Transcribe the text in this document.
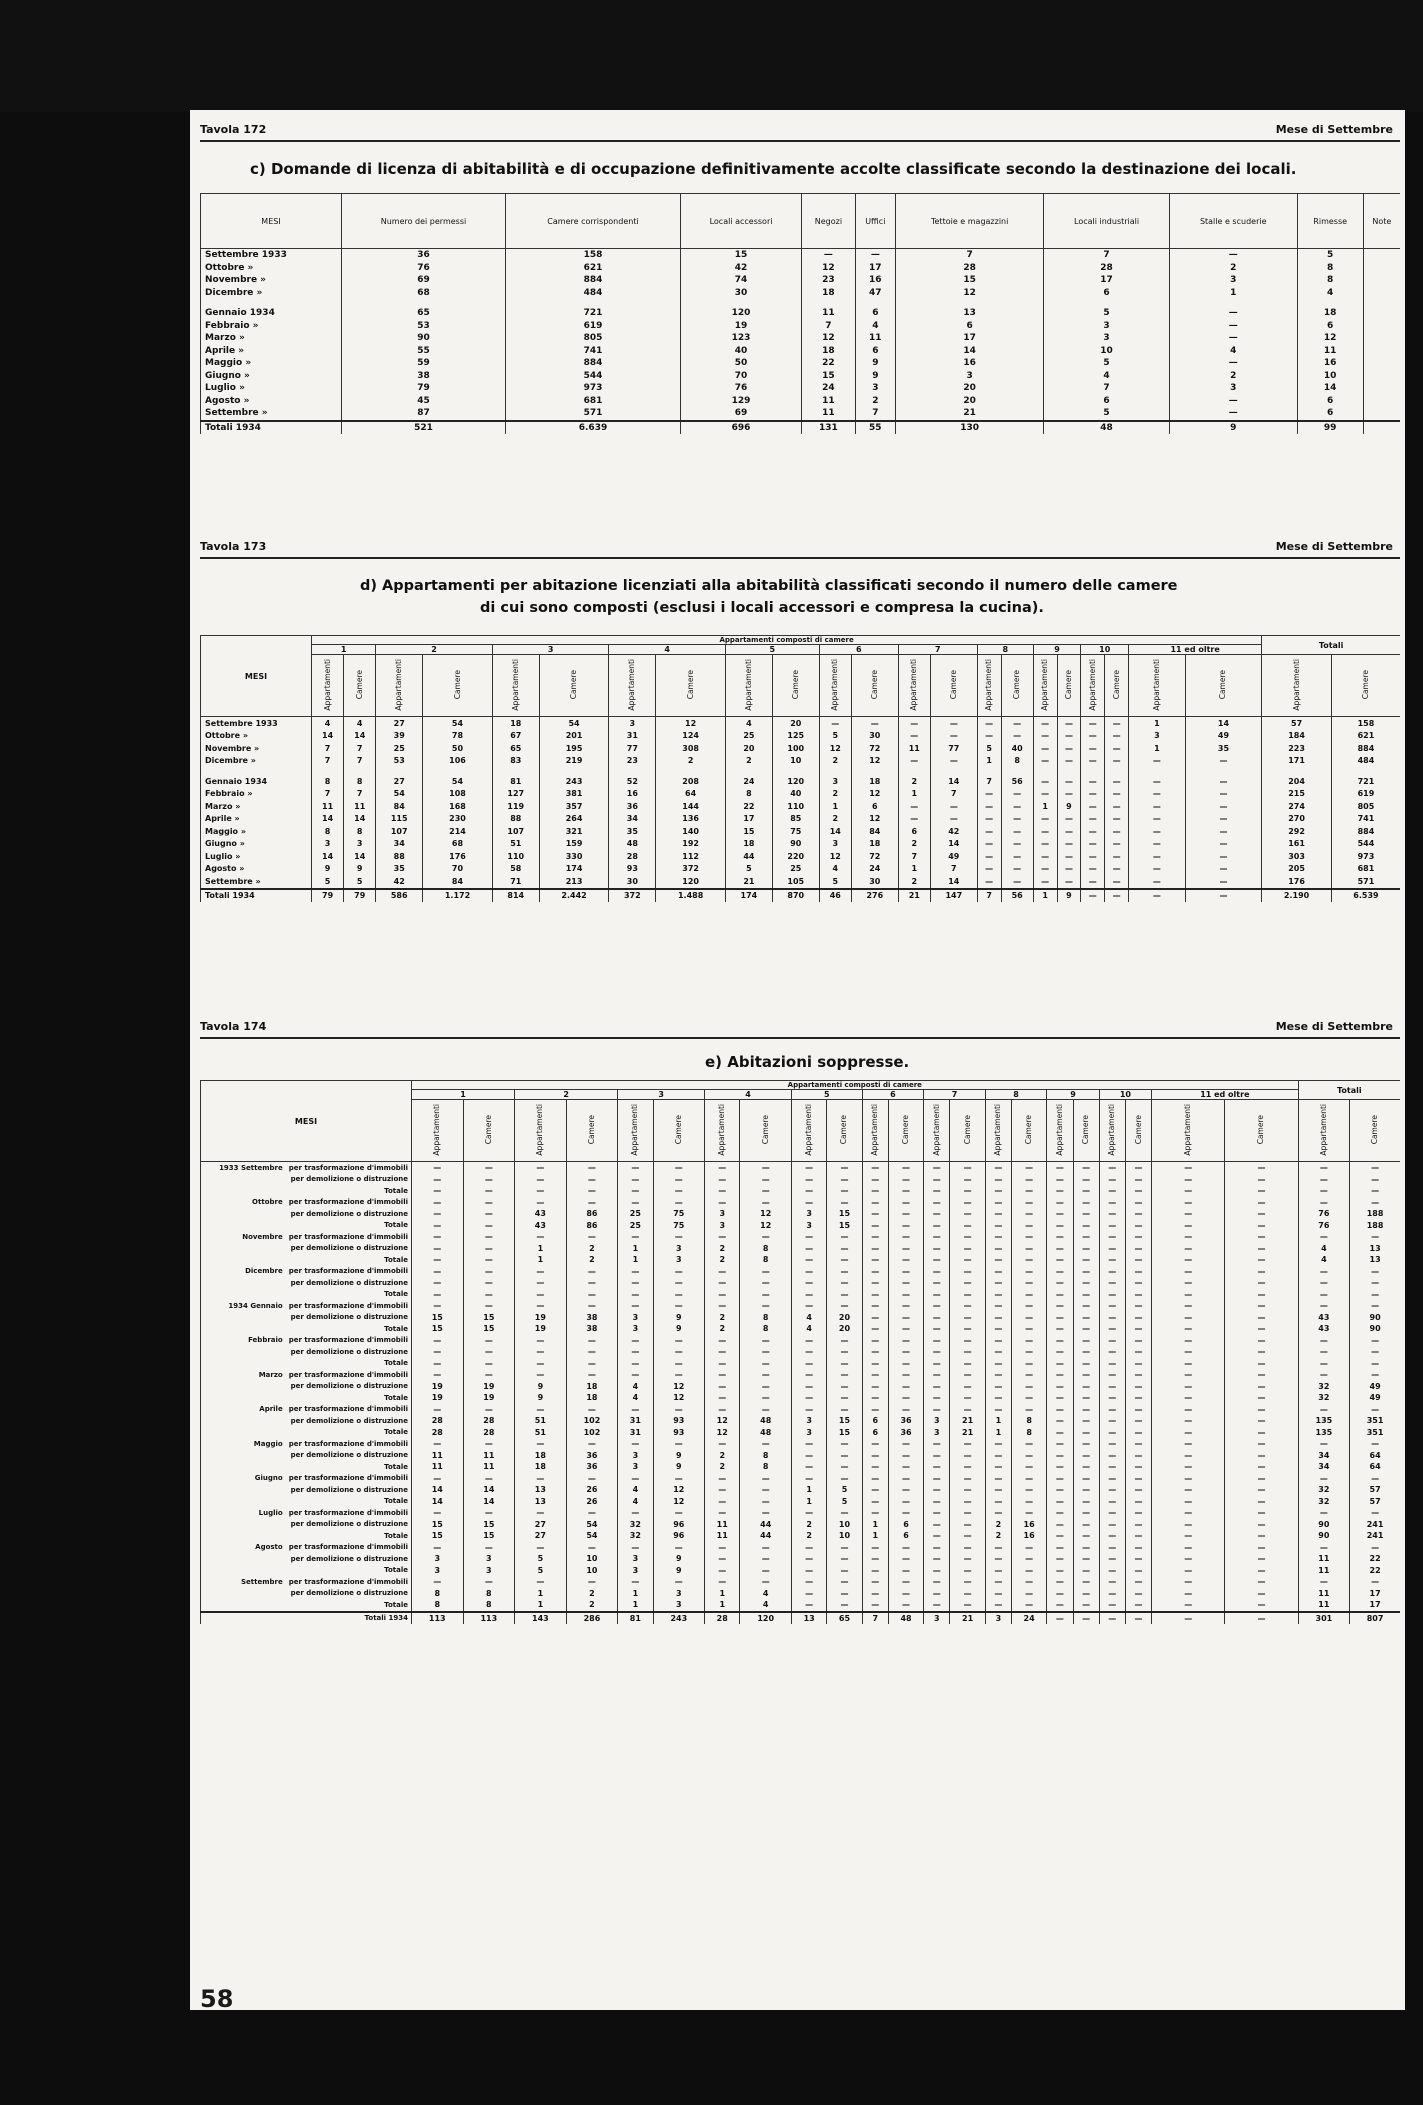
Tavola 172	Mese di Settembre
c) Domande di licenza di abitabilità e di occupazione definitivamente accolte classificate secondo la destinazione dei locali.
MESI	Numero dei permessi	Camere corrispondenti	Locali accessori	Negozi	Uffici	Tettoie e magazzini	Locali industriali	Stalle e scuderie	Rimesse	Note
Settembre 1933	36	158	15	—	—	7	7	—	5	
Ottobre »	76	621	42	12	17	28	28	2	8	
Novembre »	69	884	74	23	16	15	17	3	8	
Dicembre »	68	484	30	18	47	12	6	1	4	

Gennaio 1934	65	721	120	11	6	13	5	—	18	
Febbraio »	53	619	19	7	4	6	3	—	6	
Marzo »	90	805	123	12	11	17	3	—	12	
Aprile »	55	741	40	18	6	14	10	4	11	
Maggio »	59	884	50	22	9	16	5	—	16	
Giugno »	38	544	70	15	9	3	4	2	10	
Luglio »	79	973	76	24	3	20	7	3	14	
Agosto »	45	681	129	11	2	20	6	—	6	
Settembre »	87	571	69	11	7	21	5	—	6	
Totali 1934	521	6.639	696	131	55	130	48	9	99	
Tavola 173	Mese di Settembre
d) Appartamenti per abitazione licenziati alla abitabilità classificati secondo il numero delle camere
di cui sono composti (esclusi i locali accessori e compresa la cucina).
MESI	Appartamenti composti di camere																						Totali	
	1		2		3		4		5		6		7		8		9		10		11 ed oltre			
	Appartamenti	Camere	Appartamenti	Camere	Appartamenti	Camere	Appartamenti	Camere	Appartamenti	Camere	Appartamenti	Camere	Appartamenti	Camere	Appartamenti	Camere	Appartamenti	Camere	Appartamenti	Camere	Appartamenti	Camere	Appartamenti	Camere
Settembre 1933	4	4	27	54	18	54	3	12	4	20	—	—	—	—	—	—	—	—	—	—	1	14	57	158
Ottobre »	14	14	39	78	67	201	31	124	25	125	5	30	—	—	—	—	—	—	—	—	3	49	184	621
Novembre »	7	7	25	50	65	195	77	308	20	100	12	72	11	77	5	40	—	—	—	—	1	35	223	884
Dicembre »	7	7	53	106	83	219	23	2	2	10	2	12	—	—	1	8	—	—	—	—	—	—	171	484

Gennaio 1934	8	8	27	54	81	243	52	208	24	120	3	18	2	14	7	56	—	—	—	—	—	—	204	721
Febbraio »	7	7	54	108	127	381	16	64	8	40	2	12	1	7	—	—	—	—	—	—	—	—	215	619
Marzo »	11	11	84	168	119	357	36	144	22	110	1	6	—	—	—	—	1	9	—	—	—	—	274	805
Aprile »	14	14	115	230	88	264	34	136	17	85	2	12	—	—	—	—	—	—	—	—	—	—	270	741
Maggio »	8	8	107	214	107	321	35	140	15	75	14	84	6	42	—	—	—	—	—	—	—	—	292	884
Giugno »	3	3	34	68	51	159	48	192	18	90	3	18	2	14	—	—	—	—	—	—	—	—	161	544
Luglio »	14	14	88	176	110	330	28	112	44	220	12	72	7	49	—	—	—	—	—	—	—	—	303	973
Agosto »	9	9	35	70	58	174	93	372	5	25	4	24	1	7	—	—	—	—	—	—	—	—	205	681
Settembre »	5	5	42	84	71	213	30	120	21	105	5	30	2	14	—	—	—	—	—	—	—	—	176	571
Totali 1934	79	79	586	1.172	814	2.442	372	1.488	174	870	46	276	21	147	7	56	1	9	—	—	—	—	2.190	6.539
Tavola 174	Mese di Settembre
e) Abitazioni soppresse.
MESI	Appartamenti composti di camere																						Totali	
	1		2		3		4		5		6		7		8		9		10		11 ed oltre			
	Appartamenti	Camere	Appartamenti	Camere	Appartamenti	Camere	Appartamenti	Camere	Appartamenti	Camere	Appartamenti	Camere	Appartamenti	Camere	Appartamenti	Camere	Appartamenti	Camere	Appartamenti	Camere	Appartamenti	Camere	Appartamenti	Camere
1933 Settembre per trasformazione d'immobili	—	—	—	—	—	—	—	—	—	—	—	—	—	—	—	—	—	—	—	—	—	—	—	—
per demolizione o distruzione	—	—	—	—	—	—	—	—	—	—	—	—	—	—	—	—	—	—	—	—	—	—	—	—
Totale	—	—	—	—	—	—	—	—	—	—	—	—	—	—	—	—	—	—	—	—	—	—	—	—
Ottobre per trasformazione d'immobili	—	—	—	—	—	—	—	—	—	—	—	—	—	—	—	—	—	—	—	—	—	—	—	—
per demolizione o distruzione	—	—	43	86	25	75	3	12	3	15	—	—	—	—	—	—	—	—	—	—	—	—	76	188
Totale	—	—	43	86	25	75	3	12	3	15	—	—	—	—	—	—	—	—	—	—	—	—	76	188
Novembre per trasformazione d'immobili	—	—	—	—	—	—	—	—	—	—	—	—	—	—	—	—	—	—	—	—	—	—	—	—
per demolizione o distruzione	—	—	1	2	1	3	2	8	—	—	—	—	—	—	—	—	—	—	—	—	—	—	4	13
Totale	—	—	1	2	1	3	2	8	—	—	—	—	—	—	—	—	—	—	—	—	—	—	4	13
Dicembre per trasformazione d'immobili	—	—	—	—	—	—	—	—	—	—	—	—	—	—	—	—	—	—	—	—	—	—	—	—
per demolizione o distruzione	—	—	—	—	—	—	—	—	—	—	—	—	—	—	—	—	—	—	—	—	—	—	—	—
Totale	—	—	—	—	—	—	—	—	—	—	—	—	—	—	—	—	—	—	—	—	—	—	—	—
1934 Gennaio per trasformazione d'immobili	—	—	—	—	—	—	—	—	—	—	—	—	—	—	—	—	—	—	—	—	—	—	—	—
per demolizione o distruzione	15	15	19	38	3	9	2	8	4	20	—	—	—	—	—	—	—	—	—	—	—	—	43	90
Totale	15	15	19	38	3	9	2	8	4	20	—	—	—	—	—	—	—	—	—	—	—	—	43	90
Febbraio per trasformazione d'immobili	—	—	—	—	—	—	—	—	—	—	—	—	—	—	—	—	—	—	—	—	—	—	—	—
per demolizione o distruzione	—	—	—	—	—	—	—	—	—	—	—	—	—	—	—	—	—	—	—	—	—	—	—	—
Totale	—	—	—	—	—	—	—	—	—	—	—	—	—	—	—	—	—	—	—	—	—	—	—	—
Marzo per trasformazione d'immobili	—	—	—	—	—	—	—	—	—	—	—	—	—	—	—	—	—	—	—	—	—	—	—	—
per demolizione o distruzione	19	19	9	18	4	12	—	—	—	—	—	—	—	—	—	—	—	—	—	—	—	—	32	49
Totale	19	19	9	18	4	12	—	—	—	—	—	—	—	—	—	—	—	—	—	—	—	—	32	49
Aprile per trasformazione d'immobili	—	—	—	—	—	—	—	—	—	—	—	—	—	—	—	—	—	—	—	—	—	—	—	—
per demolizione o distruzione	28	28	51	102	31	93	12	48	3	15	6	36	3	21	1	8	—	—	—	—	—	—	135	351
Totale	28	28	51	102	31	93	12	48	3	15	6	36	3	21	1	8	—	—	—	—	—	—	135	351
Maggio per trasformazione d'immobili	—	—	—	—	—	—	—	—	—	—	—	—	—	—	—	—	—	—	—	—	—	—	—	—
per demolizione o distruzione	11	11	18	36	3	9	2	8	—	—	—	—	—	—	—	—	—	—	—	—	—	—	34	64
Totale	11	11	18	36	3	9	2	8	—	—	—	—	—	—	—	—	—	—	—	—	—	—	34	64
Giugno per trasformazione d'immobili	—	—	—	—	—	—	—	—	—	—	—	—	—	—	—	—	—	—	—	—	—	—	—	—
per demolizione o distruzione	14	14	13	26	4	12	—	—	1	5	—	—	—	—	—	—	—	—	—	—	—	—	32	57
Totale	14	14	13	26	4	12	—	—	1	5	—	—	—	—	—	—	—	—	—	—	—	—	32	57
Luglio per trasformazione d'immobili	—	—	—	—	—	—	—	—	—	—	—	—	—	—	—	—	—	—	—	—	—	—	—	—
per demolizione o distruzione	15	15	27	54	32	96	11	44	2	10	1	6	—	—	2	16	—	—	—	—	—	—	90	241
Totale	15	15	27	54	32	96	11	44	2	10	1	6	—	—	2	16	—	—	—	—	—	—	90	241
Agosto per trasformazione d'immobili	—	—	—	—	—	—	—	—	—	—	—	—	—	—	—	—	—	—	—	—	—	—	—	—
per demolizione o distruzione	3	3	5	10	3	9	—	—	—	—	—	—	—	—	—	—	—	—	—	—	—	—	11	22
Totale	3	3	5	10	3	9	—	—	—	—	—	—	—	—	—	—	—	—	—	—	—	—	11	22
Settembre per trasformazione d'immobili	—	—	—	—	—	—	—	—	—	—	—	—	—	—	—	—	—	—	—	—	—	—	—	—
per demolizione o distruzione	8	8	1	2	1	3	1	4	—	—	—	—	—	—	—	—	—	—	—	—	—	—	11	17
Totale	8	8	1	2	1	3	1	4	—	—	—	—	—	—	—	—	—	—	—	—	—	—	11	17
Totali 1934	113	113	143	286	81	243	28	120	13	65	7	48	3	21	3	24	—	—	—	—	—	—	301	807
58
